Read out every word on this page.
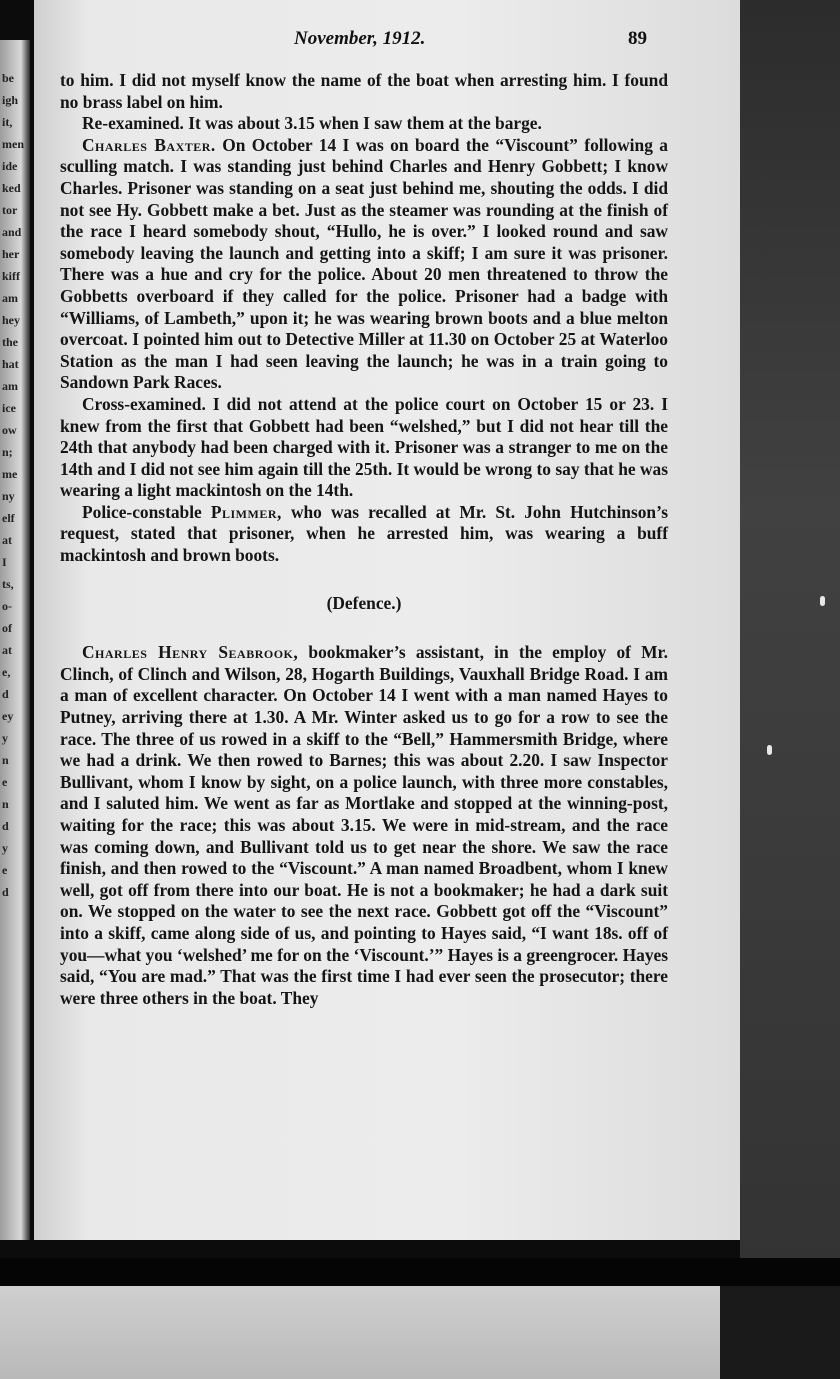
be
igh
it,
men
ide
ked
tor
and
her
kiff
am
hey
the
hat
am
ice
ow
n;
me
ny
elf
at
I
ts,
o-
of
at
e,
d
ey
y
n
e
n
d
y
e
d
November, 1912.	89

to him. I did not myself know the name of the boat when arresting him. I found no brass label on him.

Re-examined. It was about 3.15 when I saw them at the barge.

Charles Baxter. On October 14 I was on board the “Viscount” following a sculling match. I was standing just behind Charles and Henry Gobbett; I know Charles. Prisoner was standing on a seat just behind me, shouting the odds. I did not see Hy. Gobbett make a bet. Just as the steamer was rounding at the finish of the race I heard somebody shout, “Hullo, he is over.” I looked round and saw somebody leaving the launch and getting into a skiff; I am sure it was prisoner. There was a hue and cry for the police. About 20 men threatened to throw the Gobbetts overboard if they called for the police. Prisoner had a badge with “Williams, of Lambeth,” upon it; he was wearing brown boots and a blue melton overcoat. I pointed him out to Detective Miller at 11.30 on October 25 at Waterloo Station as the man I had seen leaving the launch; he was in a train going to Sandown Park Races.

Cross-examined. I did not attend at the police court on October 15 or 23. I knew from the first that Gobbett had been “welshed,” but I did not hear till the 24th that anybody had been charged with it. Prisoner was a stranger to me on the 14th and I did not see him again till the 25th. It would be wrong to say that he was wearing a light mackintosh on the 14th.

Police-constable Plimmer, who was recalled at Mr. St. John Hutchinson’s request, stated that prisoner, when he arrested him, was wearing a buff mackintosh and brown boots.

(Defence.)

Charles Henry Seabrook, bookmaker’s assistant, in the employ of Mr. Clinch, of Clinch and Wilson, 28, Hogarth Buildings, Vauxhall Bridge Road. I am a man of excellent character. On October 14 I went with a man named Hayes to Putney, arriving there at 1.30. A Mr. Winter asked us to go for a row to see the race. The three of us rowed in a skiff to the “Bell,” Hammersmith Bridge, where we had a drink. We then rowed to Barnes; this was about 2.20. I saw Inspector Bullivant, whom I know by sight, on a police launch, with three more constables, and I saluted him. We went as far as Mortlake and stopped at the winning-post, waiting for the race; this was about 3.15. We were in mid-stream, and the race was coming down, and Bullivant told us to get near the shore. We saw the race finish, and then rowed to the “Viscount.” A man named Broadbent, whom I knew well, got off from there into our boat. He is not a bookmaker; he had a dark suit on. We stopped on the water to see the next race. Gobbett got off the “Viscount” into a skiff, came along side of us, and pointing to Hayes said, “I want 18s. off of you—what you ‘welshed’ me for on the ‘Viscount.’” Hayes is a greengrocer. Hayes said, “You are mad.” That was the first time I had ever seen the prosecutor; there were three others in the boat. They
